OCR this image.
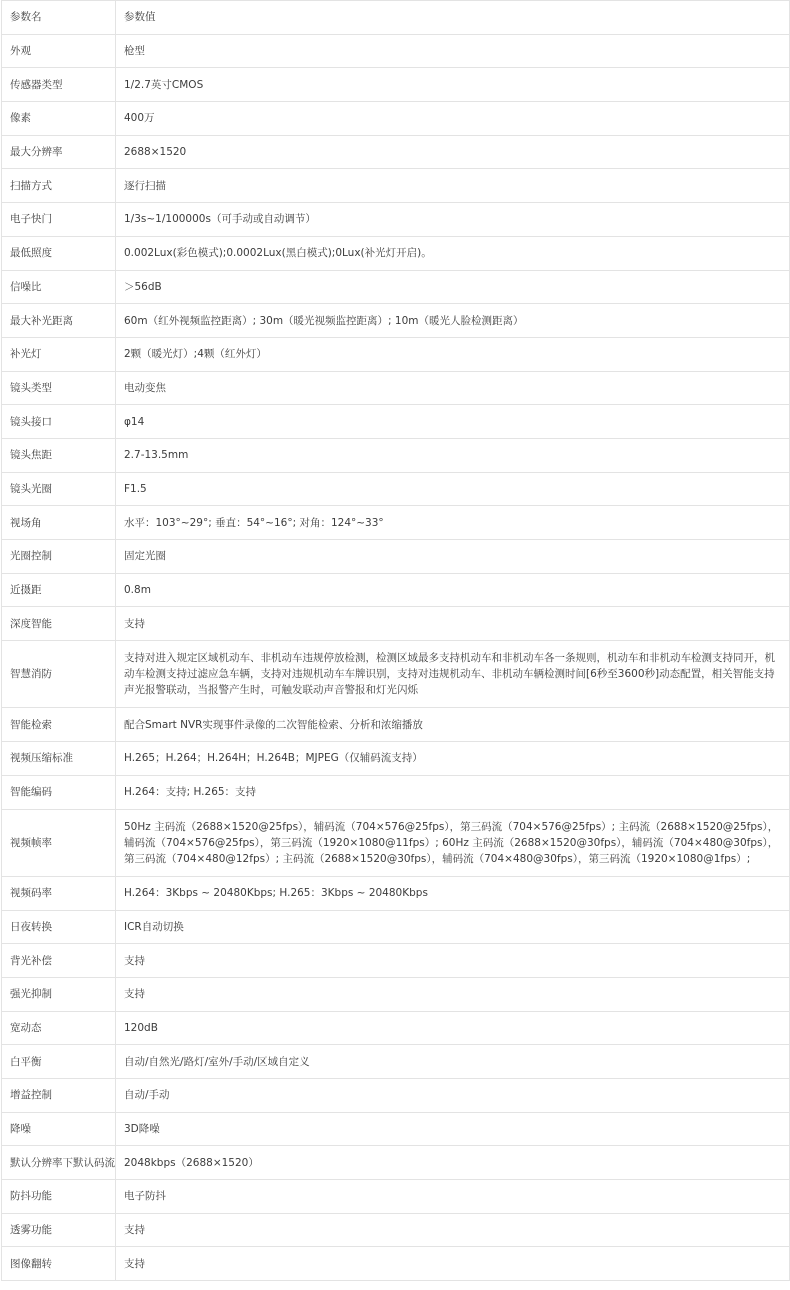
参数名	参数值
外观	枪型
传感器类型	1/2.7英寸CMOS
像素	400万
最大分辨率	2688×1520
扫描方式	逐行扫描
电子快门	1/3s~1/100000s（可手动或自动调节）
最低照度	0.002Lux(彩色模式);0.0002Lux(黑白模式);0Lux(补光灯开启)。
信噪比	＞56dB
最大补光距离	60m（红外视频监控距离）; 30m（暖光视频监控距离）; 10m（暖光人脸检测距离）
补光灯	2颗（暖光灯）;4颗（红外灯）
镜头类型	电动变焦
镜头接口	φ14
镜头焦距	2.7-13.5mm
镜头光圈	F1.5
视场角	水平：103°~29°; 垂直：54°~16°; 对角：124°~33°
光圈控制	固定光圈
近摄距	0.8m
深度智能	支持
智慧消防	支持对进入规定区域机动车、非机动车违规停放检测，检测区域最多支持机动车和非机动车各一条规则，机动车和非机动车检测支持同开，机动车检测支持过滤应急车辆，支持对违规机动车车牌识别，支持对违规机动车、非机动车辆检测时间[6秒至3600秒]动态配置，相关智能支持声光报警联动，当报警产生时，可触发联动声音警报和灯光闪烁
智能检索	配合Smart NVR实现事件录像的二次智能检索、分析和浓缩播放
视频压缩标准	H.265；H.264；H.264H；H.264B；MJPEG（仅辅码流支持）
智能编码	H.264：支持; H.265：支持
视频帧率	50Hz 主码流（2688×1520@25fps），辅码流（704×576@25fps），第三码流（704×576@25fps）; 主码流（2688×1520@25fps），辅码流（704×576@25fps），第三码流（1920×1080@11fps）; 60Hz 主码流（2688×1520@30fps），辅码流（704×480@30fps），第三码流（704×480@12fps）; 主码流（2688×1520@30fps），辅码流（704×480@30fps），第三码流（1920×1080@1fps）;
视频码率	H.264：3Kbps ~ 20480Kbps; H.265：3Kbps ~ 20480Kbps
日夜转换	ICR自动切换
背光补偿	支持
强光抑制	支持
宽动态	120dB
白平衡	自动/自然光/路灯/室外/手动/区域自定义
增益控制	自动/手动
降噪	3D降噪
默认分辨率下默认码流	2048kbps（2688×1520）
防抖功能	电子防抖
透雾功能	支持
图像翻转	支持
